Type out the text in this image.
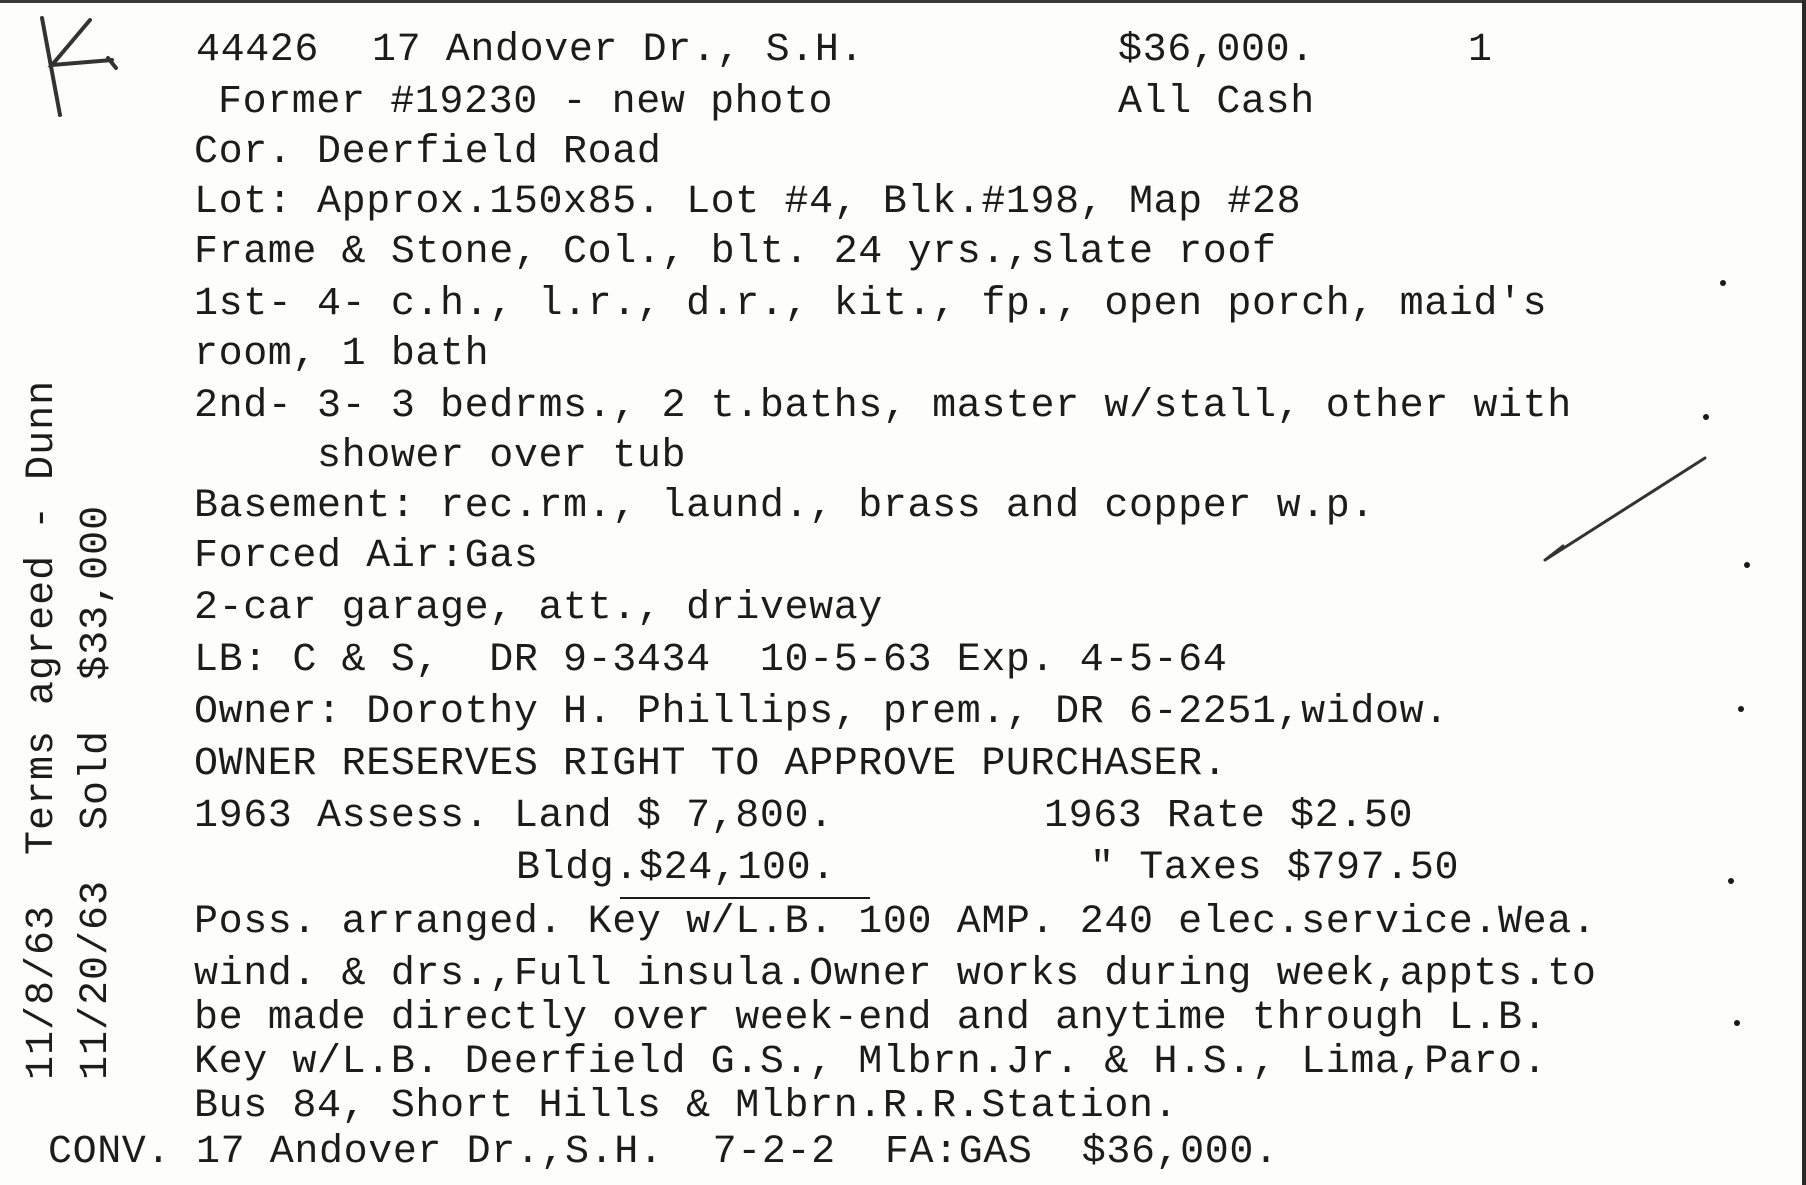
44426 17 Andover Dr., S.H.	$36,000.	1
Former #19230 - new photo	All Cash
Cor. Deerfield Road
Lot: Approx.150x85. Lot #4, Blk.#198, Map #28
Frame & Stone, Col., blt. 24 yrs.,slate roof
1st- 4- c.h., l.r., d.r., kit., fp., open porch, maid's
room, 1 bath
2nd- 3- 3 bedrms., 2 t.baths, master w/stall, other with
shower over tub
Basement: rec.rm., laund., brass and copper w.p.
Forced Air:Gas
2-car garage, att., driveway
LB: C & S,  DR 9-3434  10-5-63 Exp. 4-5-64
Owner: Dorothy H. Phillips, prem., DR 6-2251,widow.
OWNER RESERVES RIGHT TO APPROVE PURCHASER.
1963 Assess. Land $ 7,800.	1963 Rate $2.50
Bldg.$24,100.	" Taxes $797.50
Poss. arranged. Key w/L.B. 100 AMP. 240 elec.service.Wea.
wind. & drs.,Full insula.Owner works during week,appts.to
be made directly over week-end and anytime through L.B.
Key w/L.B. Deerfield G.S., Mlbrn.Jr. & H.S., Lima,Paro.
Bus 84, Short Hills & Mlbrn.R.R.Station.
CONV. 17 Andover Dr.,S.H.  7-2-2  FA:GAS  $36,000.
11/8/63  Terms agreed - Dunn 11/20/63  Sold  $33,000
